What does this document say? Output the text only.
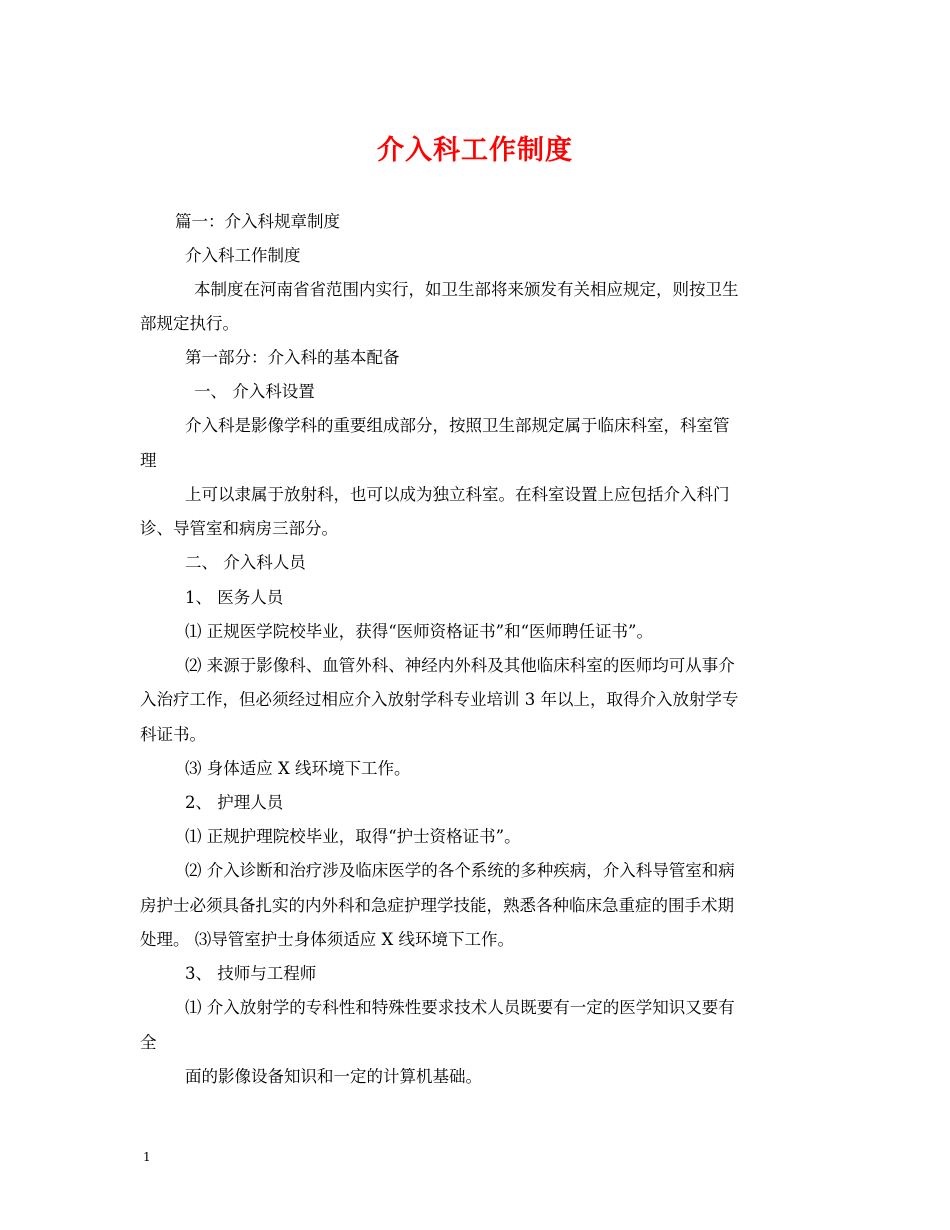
介入科工作制度
篇一：介入科规章制度
介入科工作制度
本制度在河南省省范围内实行，如卫生部将来颁发有关相应规定，则按卫生
部规定执行。
第一部分：介入科的基本配备
一、 介入科设置
介入科是影像学科的重要组成部分，按照卫生部规定属于临床科室，科室管
理
上可以隶属于放射科，也可以成为独立科室。在科室设置上应包括介入科门
诊、导管室和病房三部分。
二、 介入科人员
1、 医务人员
⑴ 正规医学院校毕业，获得“医师资格证书”和“医师聘任证书”。
⑵ 来源于影像科、血管外科、神经内外科及其他临床科室的医师均可从事介
入治疗工作，但必须经过相应介入放射学科专业培训 3 年以上，取得介入放射学专
科证书。
⑶ 身体适应 X 线环境下工作。
2、 护理人员
⑴ 正规护理院校毕业，取得“护士资格证书”。
⑵ 介入诊断和治疗涉及临床医学的各个系统的多种疾病，介入科导管室和病
房护士必须具备扎实的内外科和急症护理学技能，熟悉各种临床急重症的围手术期
处理。 ⑶导管室护士身体须适应 X 线环境下工作。
3、 技师与工程师
⑴ 介入放射学的专科性和特殊性要求技术人员既要有一定的医学知识又要有
全
面的影像设备知识和一定的计算机基础。
1
